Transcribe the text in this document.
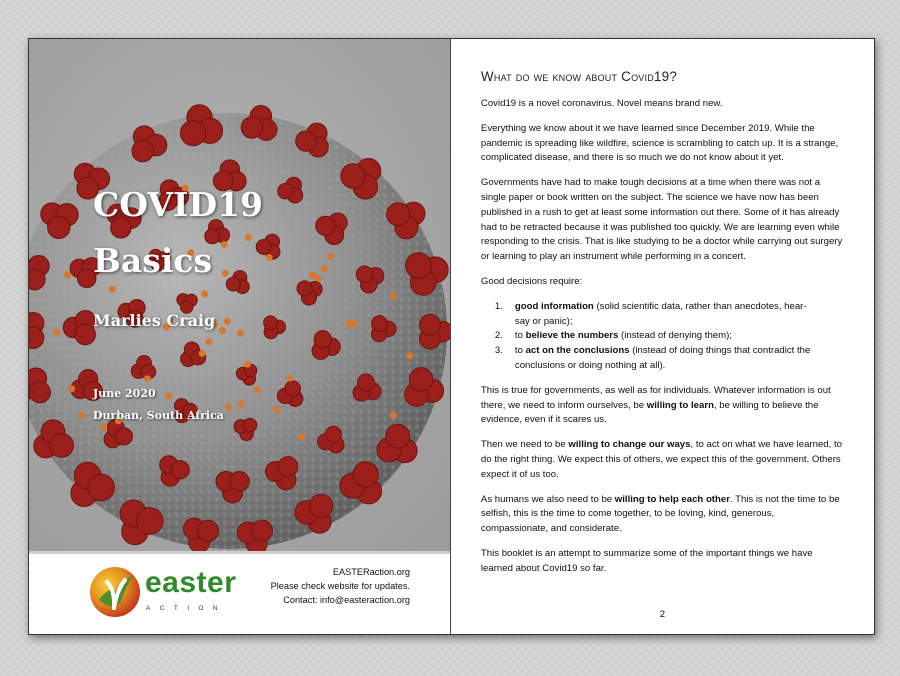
COVID19
Basics
Marlies Craig
June 2020
Durban, South Africa
easter
ACTION
EASTERaction.org
Please check website for updates.
Contact: info@easteraction.org
What do we know about Covid19?

Covid19 is a novel coronavirus. Novel means brand new.

Everything we know about it we have learned since December 2019. While the pandemic is spreading like wildfire, science is scrambling to catch up. It is a strange, complicated disease, and there is so much we do not know about it yet.

Governments have had to make tough decisions at a time when there was not a single paper or book written on the subject. The science we have now has been published in a rush to get at least some information out there. Some of it has already had to be retracted because it was published too quickly. We are learning even while responding to the crisis. That is like studying to be a doctor while carrying out surgery or learning to play an instrument while performing in a concert.

Good decisions require:

1. good information (solid scientific data, rather than anecdotes, hear-say or panic);
2. to believe the numbers (instead of denying them);
3. to act on the conclusions (instead of doing things that contradict the conclusions or doing nothing at all).

This is true for governments, as well as for individuals. Whatever information is out there, we need to inform ourselves, be willing to learn, be willing to believe the evidence, even if it scares us.

Then we need to be willing to change our ways, to act on what we have learned, to do the right thing. We expect this of others, we expect this of the government. Others expect it of us too.

As humans we also need to be willing to help each other. This is not the time to be selfish, this is the time to come together, to be loving, kind, generous, compassionate, and considerate.

This booklet is an attempt to summarize some of the important things we have learned about Covid19 so far.

2
